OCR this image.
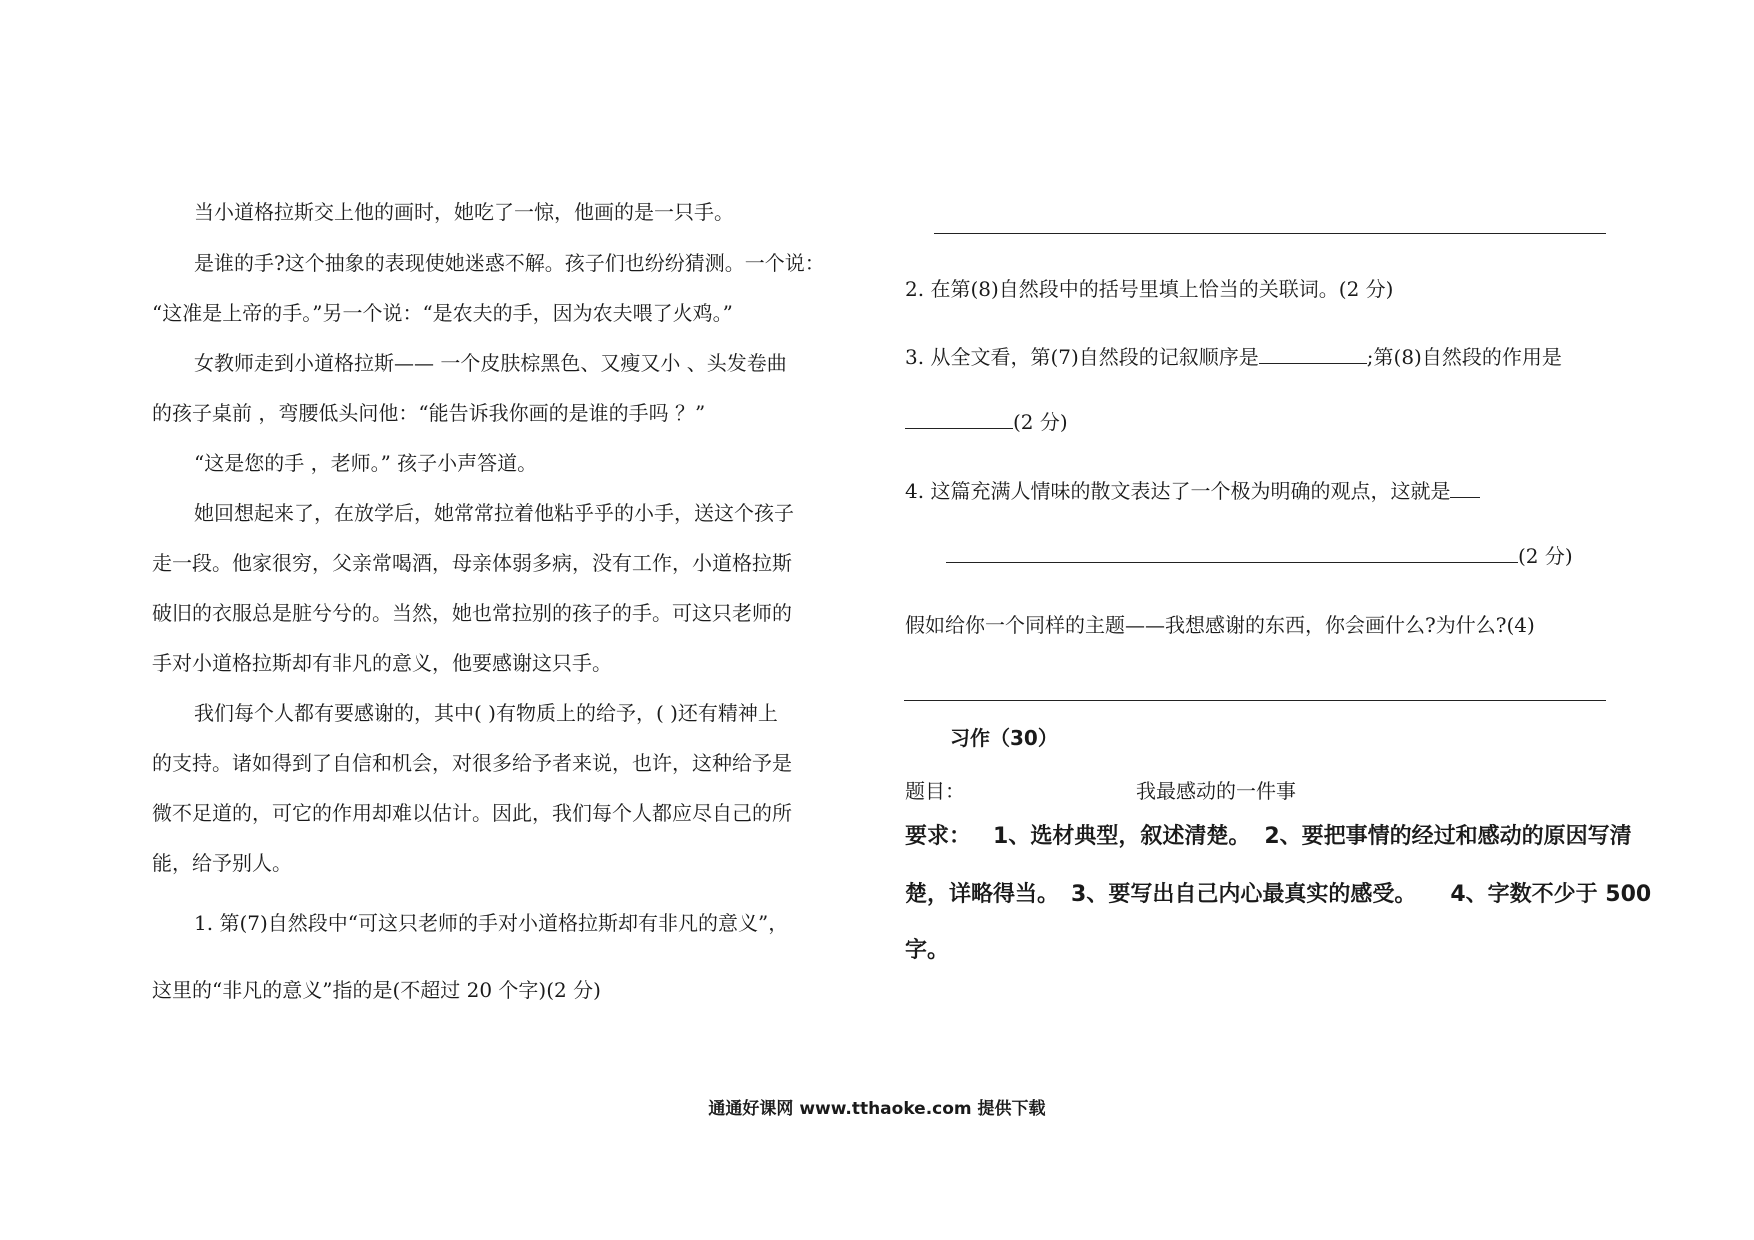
当小道格拉斯交上他的画时，她吃了一惊，他画的是一只手。
是谁的手?这个抽象的表现使她迷惑不解。孩子们也纷纷猜测。一个说：
“这准是上帝的手。”另一个说：“是农夫的手，因为农夫喂了火鸡。”
女教师走到小道格拉斯—— 一个皮肤棕黑色、又瘦又小 、头发卷曲
的孩子桌前 ，弯腰低头问他：“能告诉我你画的是谁的手吗 ？”
“这是您的手 ，老师。” 孩子小声答道。
她回想起来了，在放学后，她常常拉着他粘乎乎的小手，送这个孩子
走一段。他家很穷，父亲常喝酒，母亲体弱多病，没有工作，小道格拉斯
破旧的衣服总是脏兮兮的。当然，她也常拉别的孩子的手。可这只老师的
手对小道格拉斯却有非凡的意义，他要感谢这只手。
我们每个人都有要感谢的，其中( )有物质上的给予，( )还有精神上
的支持。诸如得到了自信和机会，对很多给予者来说，也许，这种给予是
微不足道的，可它的作用却难以估计。因此，我们每个人都应尽自己的所
能，给予别人。
1. 第(7)自然段中“可这只老师的手对小道格拉斯却有非凡的意义”，
这里的“非凡的意义”指的是(不超过 20 个字)(2 分)
2. 在第(8)自然段中的括号里填上恰当的关联词。(2 分)
3. 从全文看，第(7)自然段的记叙顺序是	;第(8)自然段的作用是
(2 分)
4. 这篇充满人情味的散文表达了一个极为明确的观点，这就是
(2 分)
假如给你一个同样的主题——我想感谢的东西，你会画什么?为什么?(4)
习作（30）
题目：	我最感动的一件事
要求： 1、选材典型，叙述清楚。 2、要把事情的经过和感动的原因写清
楚，详略得当。 3、要写出自己内心最真实的感受。 4、字数不少于 500
字。
通通好课网 www.tthaoke.com 提供下载
